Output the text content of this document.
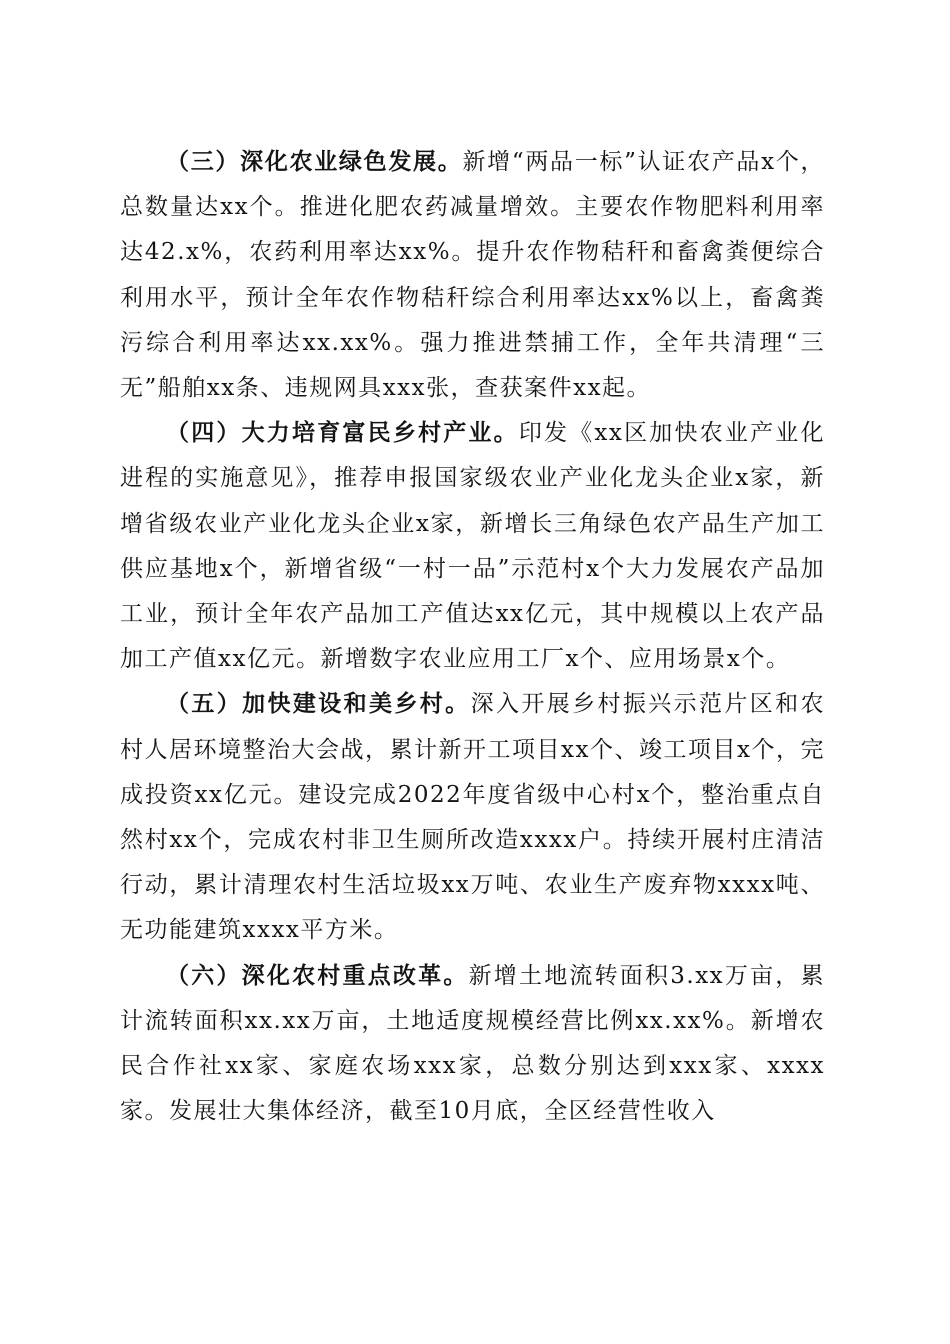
（三）深化农业绿色发展。新增“两品一标”认证农产品x个，总数量达xx个。推进化肥农药减量增效。主要农作物肥料利用率达42.x%，农药利用率达xx%。提升农作物秸秆和畜禽粪便综合利用水平，预计全年农作物秸秆综合利用率达xx%以上，畜禽粪污综合利用率达xx.xx%。强力推进禁捕工作，全年共清理“三无”船舶xx条、违规网具xxx张，查获案件xx起。

（四）大力培育富民乡村产业。印发《xx区加快农业产业化进程的实施意见》，推荐申报国家级农业产业化龙头企业x家，新增省级农业产业化龙头企业x家，新增长三角绿色农产品生产加工供应基地x个，新增省级“一村一品”示范村x个大力发展农产品加工业，预计全年农产品加工产值达xx亿元，其中规模以上农产品加工产值xx亿元。新增数字农业应用工厂x个、应用场景x个。

（五）加快建设和美乡村。深入开展乡村振兴示范片区和农村人居环境整治大会战，累计新开工项目xx个、竣工项目x个，完成投资xx亿元。建设完成2022年度省级中心村x个，整治重点自然村xx个，完成农村非卫生厕所改造xxxx户。持续开展村庄清洁行动，累计清理农村生活垃圾xx万吨、农业生产废弃物xxxx吨、无功能建筑xxxx平方米。

（六）深化农村重点改革。新增土地流转面积3.xx万亩，累计流转面积xx.xx万亩，土地适度规模经营比例xx.xx%。新增农民合作社xx家、家庭农场xxx家，总数分别达到xxx家、xxxx家。发展壮大集体经济，截至10月底，全区经营性收入
